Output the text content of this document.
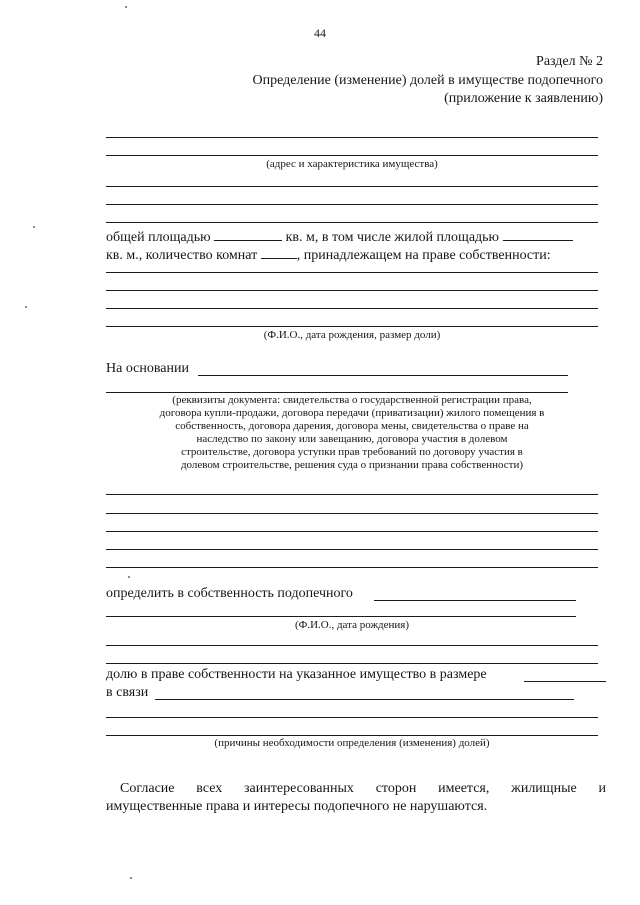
44
Раздел № 2
Определение (изменение) долей в имуществе подопечного
(приложение к заявлению)
(адрес и характеристика имущества)
общей площадью	кв. м, в том числе жилой площадью
кв. м., количество комнат	, принадлежащем на праве собственности:
(Ф.И.О., дата рождения, размер доли)
На основании
(реквизиты документа: свидетельства о государственной регистрации права,
договора купли-продажи, договора передачи (приватизации) жилого помещения в
собственность, договора дарения, договора мены, свидетельства о праве на
наследство по закону или завещанию, договора участия в долевом
строительстве, договора уступки прав требований по договору участия в
долевом строительстве, решения суда о признании права собственности)
определить в собственность подопечного
(Ф.И.О., дата рождения)
долю в праве собственности на указанное имущество в размере
в связи
(причины необходимости определения (изменения) долей)
Согласие всех заинтересованных сторон имеется, жилищные и
имущественные права и интересы подопечного не нарушаются.
